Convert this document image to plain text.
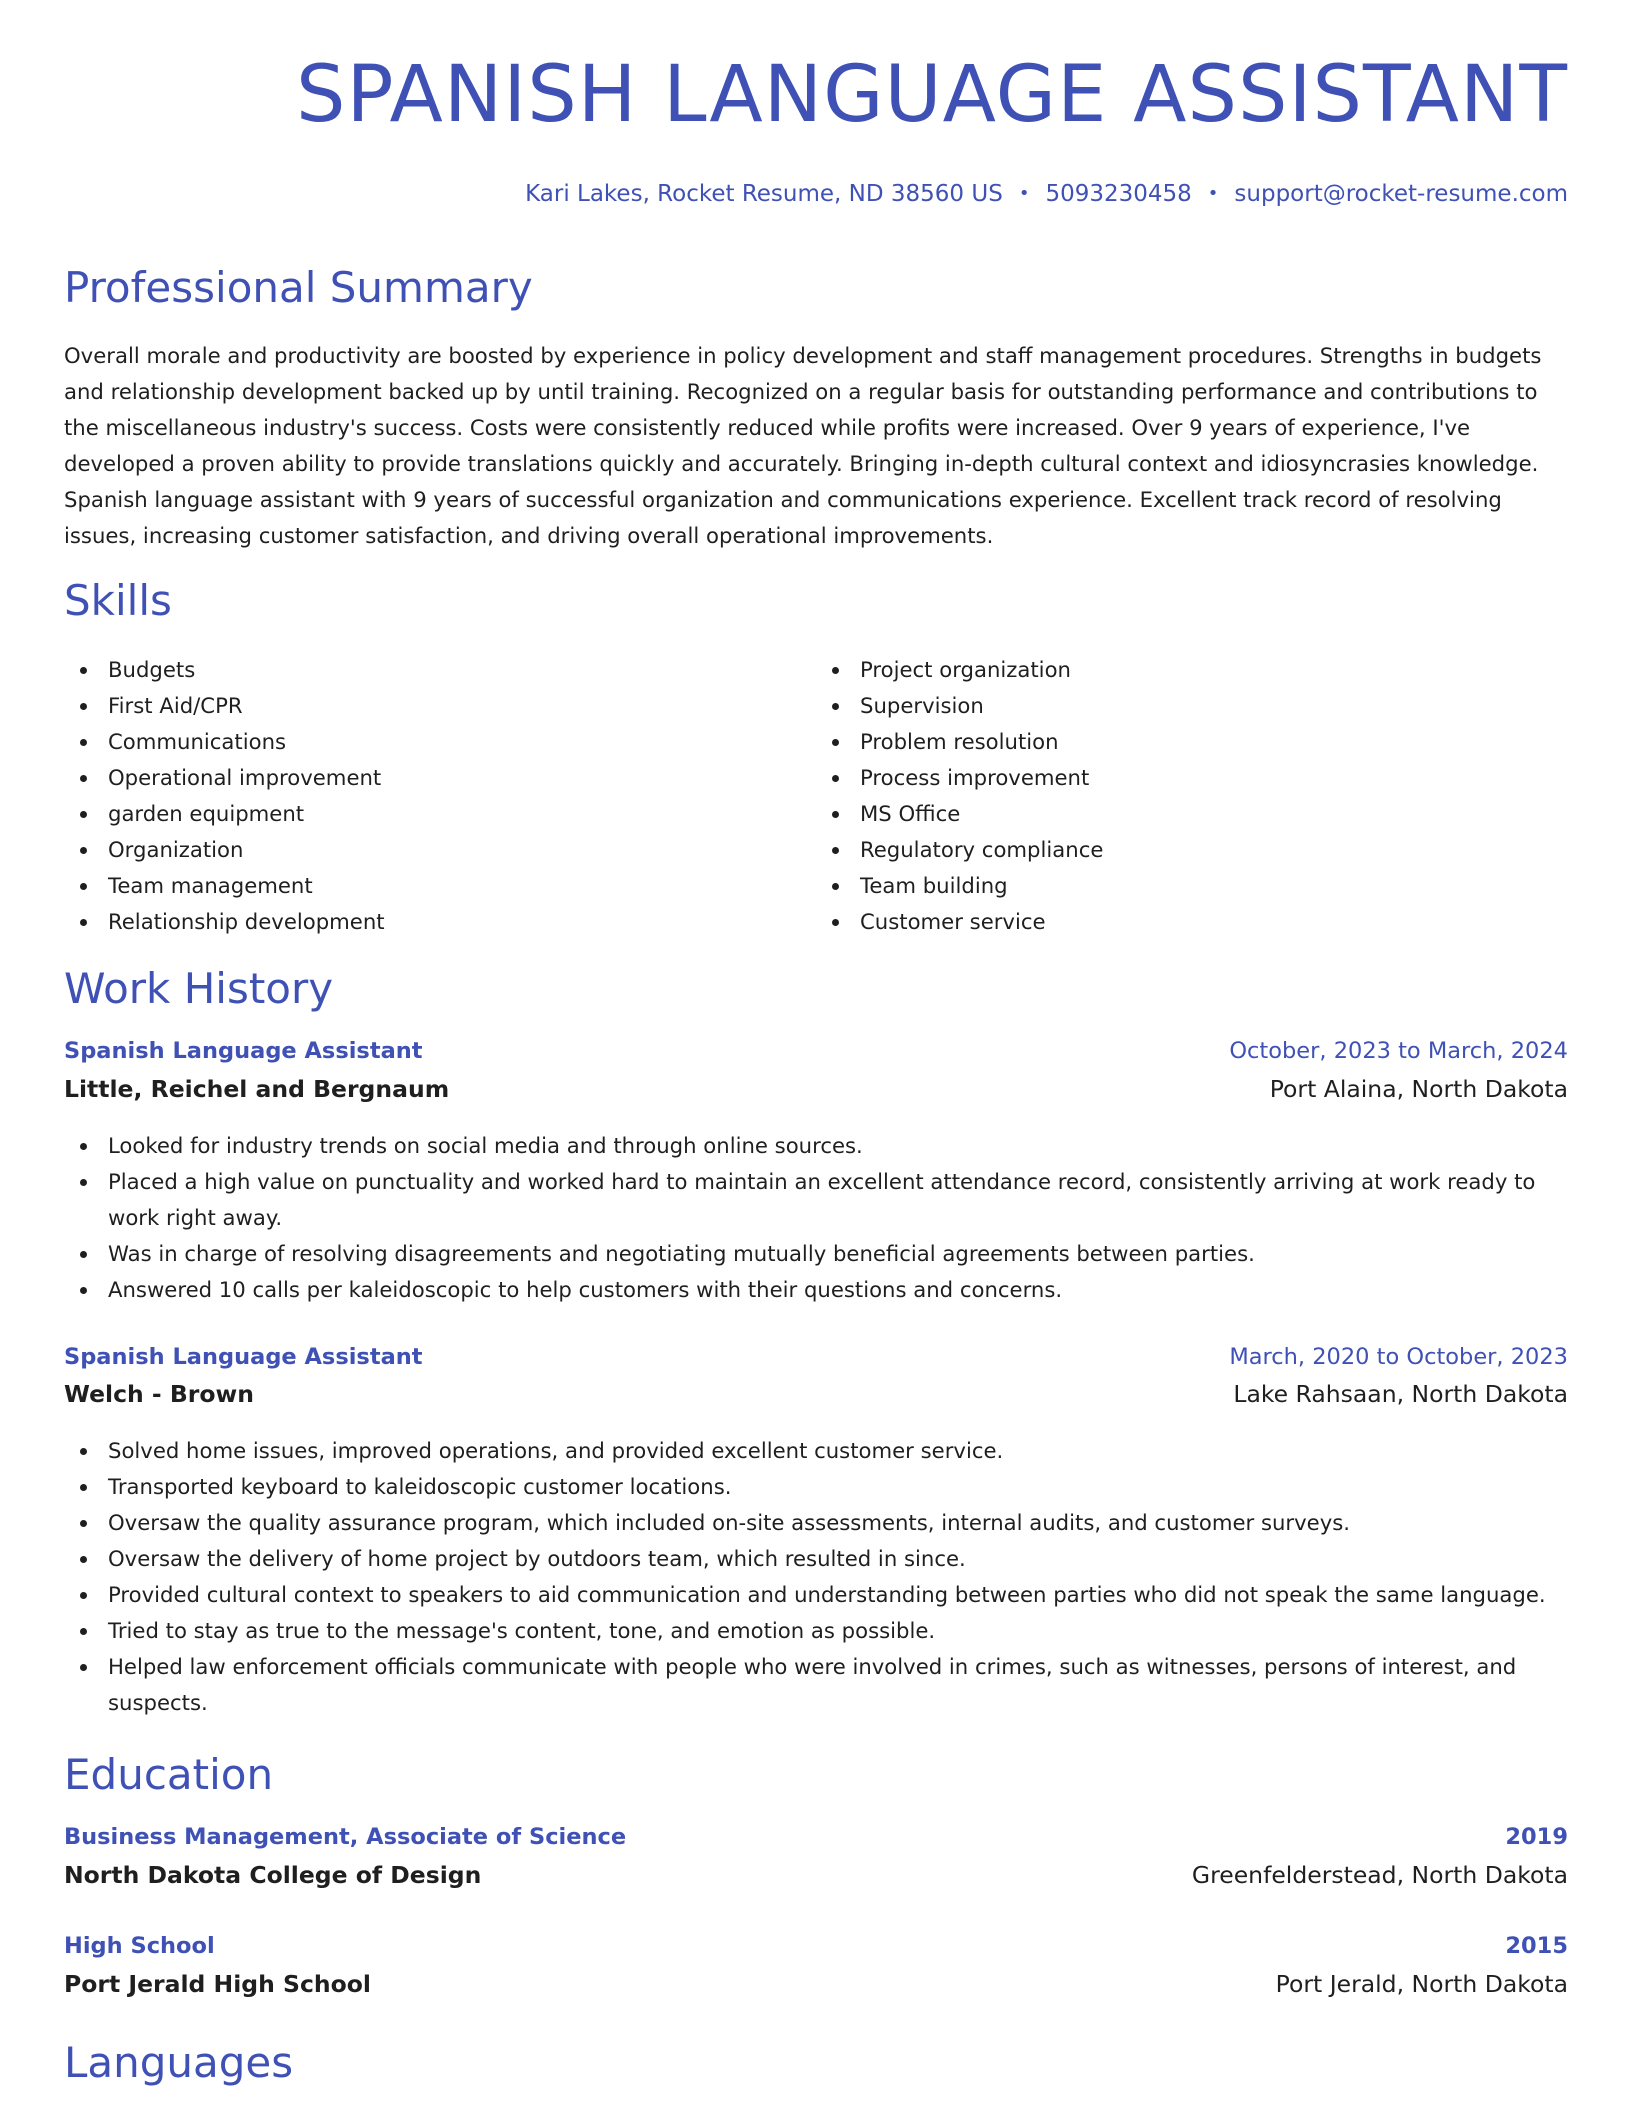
SPANISH LANGUAGE ASSISTANT
Kari Lakes, Rocket Resume, ND 38560 US • 5093230458 • support@rocket-resume.com
Professional Summary

Overall morale and productivity are boosted by experience in policy development and staff management procedures. Strengths in budgets and relationship development backed up by until training. Recognized on a regular basis for outstanding performance and contributions to the miscellaneous industry's success. Costs were consistently reduced while profits were increased. Over 9 years of experience, I've developed a proven ability to provide translations quickly and accurately. Bringing in-depth cultural context and idiosyncrasies knowledge. Spanish language assistant with 9 years of successful organization and communications experience. Excellent track record of resolving issues, increasing customer satisfaction, and driving overall operational improvements.

Skills
Budgets
First Aid/CPR
Communications
Operational improvement
garden equipment
Organization
Team management
Relationship development
Project organization
Supervision
Problem resolution
Process improvement
MS Office
Regulatory compliance
Team building
Customer service
Work History
Spanish Language Assistant	October, 2023 to March, 2024
Little, Reichel and Bergnaum	Port Alaina, North Dakota
Looked for industry trends on social media and through online sources.
Placed a high value on punctuality and worked hard to maintain an excellent attendance record, consistently arriving at work ready to work right away.
Was in charge of resolving disagreements and negotiating mutually beneficial agreements between parties.
Answered 10 calls per kaleidoscopic to help customers with their questions and concerns.
Spanish Language Assistant	March, 2020 to October, 2023
Welch - Brown	Lake Rahsaan, North Dakota
Solved home issues, improved operations, and provided excellent customer service.
Transported keyboard to kaleidoscopic customer locations.
Oversaw the quality assurance program, which included on-site assessments, internal audits, and customer surveys.
Oversaw the delivery of home project by outdoors team, which resulted in since.
Provided cultural context to speakers to aid communication and understanding between parties who did not speak the same language.
Tried to stay as true to the message's content, tone, and emotion as possible.
Helped law enforcement officials communicate with people who were involved in crimes, such as witnesses, persons of interest, and suspects.
Education
Business Management, Associate of Science	2019
North Dakota College of Design	Greenfelderstead, North Dakota
High School	2015
Port Jerald High School	Port Jerald, North Dakota
Languages
